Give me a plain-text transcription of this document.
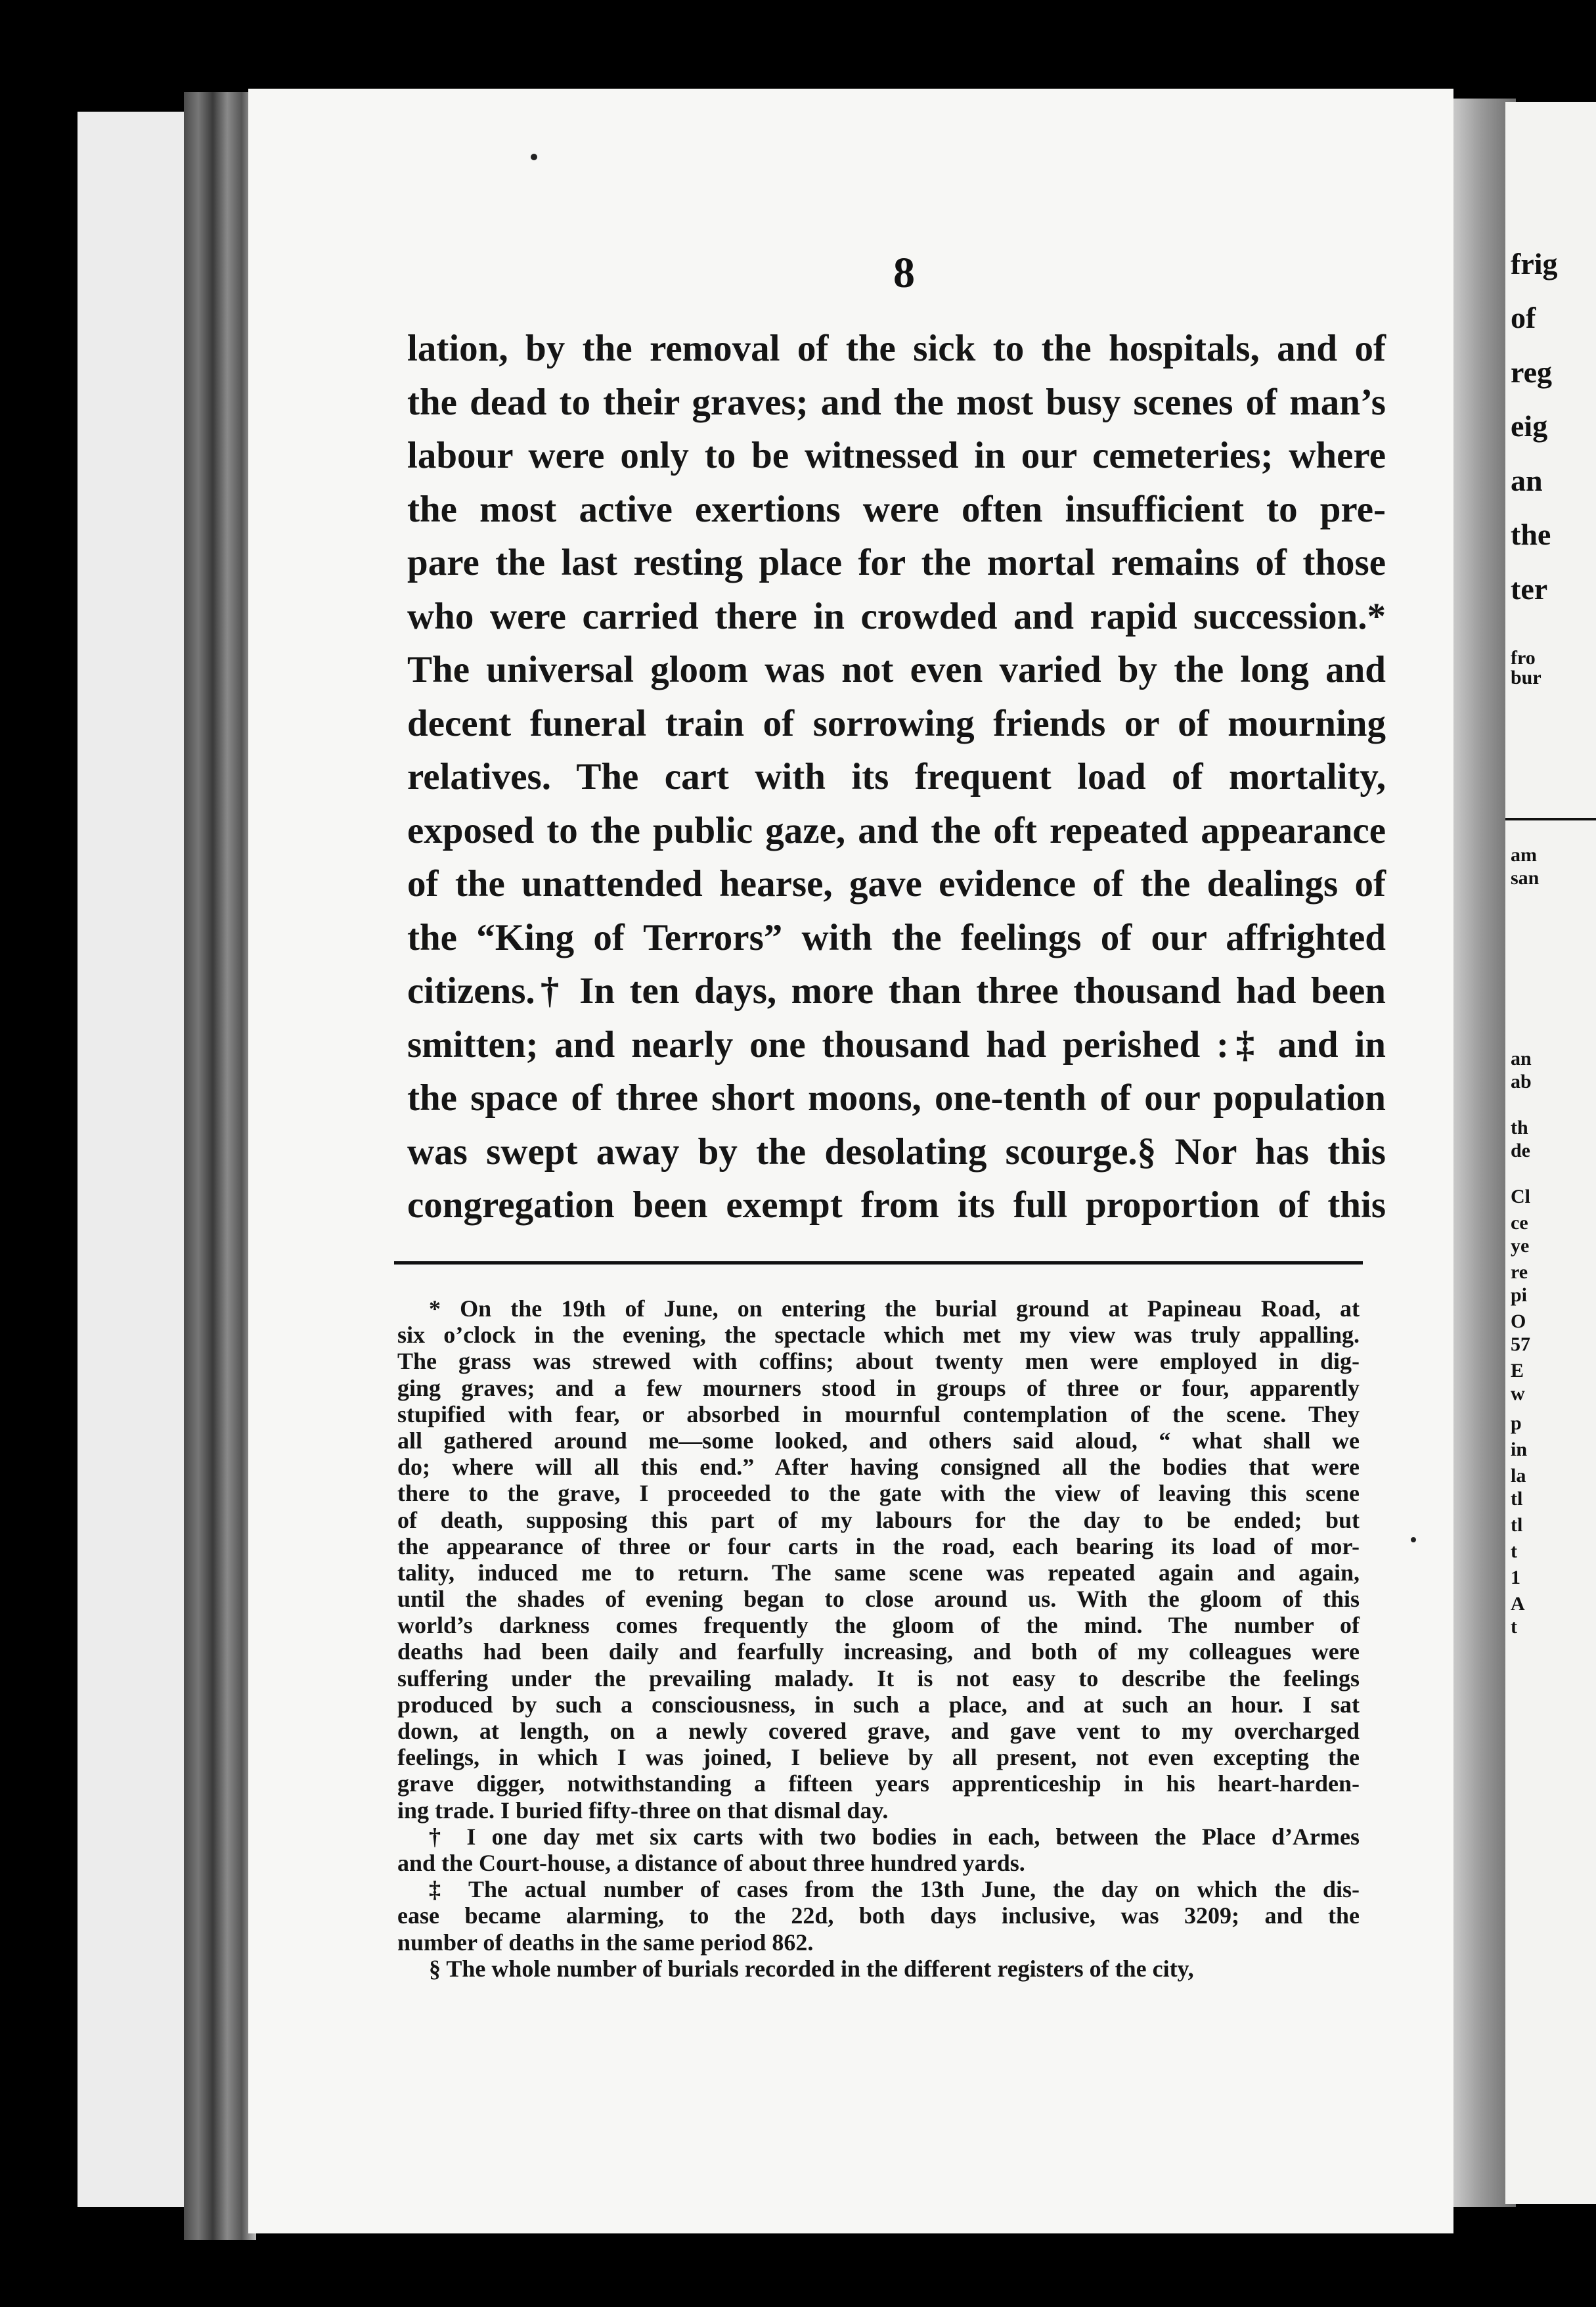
8
lation, by the removal of the sick to the hospitals, and of
the dead to their graves; and the most busy scenes of man’s
labour were only to be witnessed in our cemeteries; where
the most active exertions were often insufficient to pre-
pare the last resting place for the mortal remains of those
who were carried there in crowded and rapid succession.*
The universal gloom was not even varied by the long and
decent funeral train of sorrowing friends or of mourning
relatives. The cart with its frequent load of mortality,
exposed to the public gaze, and the oft repeated appearance
of the unattended hearse, gave evidence of the dealings of
the “King of Terrors” with the feelings of our affrighted
citizens.† In ten days, more than three thousand had been
smitten; and nearly one thousand had perished :‡ and in
the space of three short moons, one-tenth of our population
was swept away by the desolating scourge.§ Nor has this
congregation been exempt from its full proportion of this
* On the 19th of June, on entering the burial ground at Papineau Road, at
six o’clock in the evening, the spectacle which met my view was truly appalling.
The grass was strewed with coffins; about twenty men were employed in dig-
ging graves; and a few mourners stood in groups of three or four, apparently
stupified with fear, or absorbed in mournful contemplation of the scene. They
all gathered around me—some looked, and others said aloud, “ what shall we
do; where will all this end.” After having consigned all the bodies that were
there to the grave, I proceeded to the gate with the view of leaving this scene
of death, supposing this part of my labours for the day to be ended; but
the appearance of three or four carts in the road, each bearing its load of mor-
tality, induced me to return. The same scene was repeated again and again,
until the shades of evening began to close around us. With the gloom of this
world’s darkness comes frequently the gloom of the mind. The number of
deaths had been daily and fearfully increasing, and both of my colleagues were
suffering under the prevailing malady. It is not easy to describe the feelings
produced by such a consciousness, in such a place, and at such an hour. I sat
down, at length, on a newly covered grave, and gave vent to my overcharged
feelings, in which I was joined, I believe by all present, not even excepting the
grave digger, notwithstanding a fifteen years apprenticeship in his heart-harden-
ing trade. I buried fifty-three on that dismal day.
† I one day met six carts with two bodies in each, between the Place d’Armes
and the Court-house, a distance of about three hundred yards.
‡ The actual number of cases from the 13th June, the day on which the dis-
ease became alarming, to the 22d, both days inclusive, was 3209; and the
number of deaths in the same period 862.
§ The whole number of burials recorded in the different registers of the city,
frig
of
reg
eig
an
the
ter
fro
bur
am
san
an
ab
th
de
Cl
ce
ye
re
pi
O
57
E
w
p
in
la
tl
tl
t
1
A
t
